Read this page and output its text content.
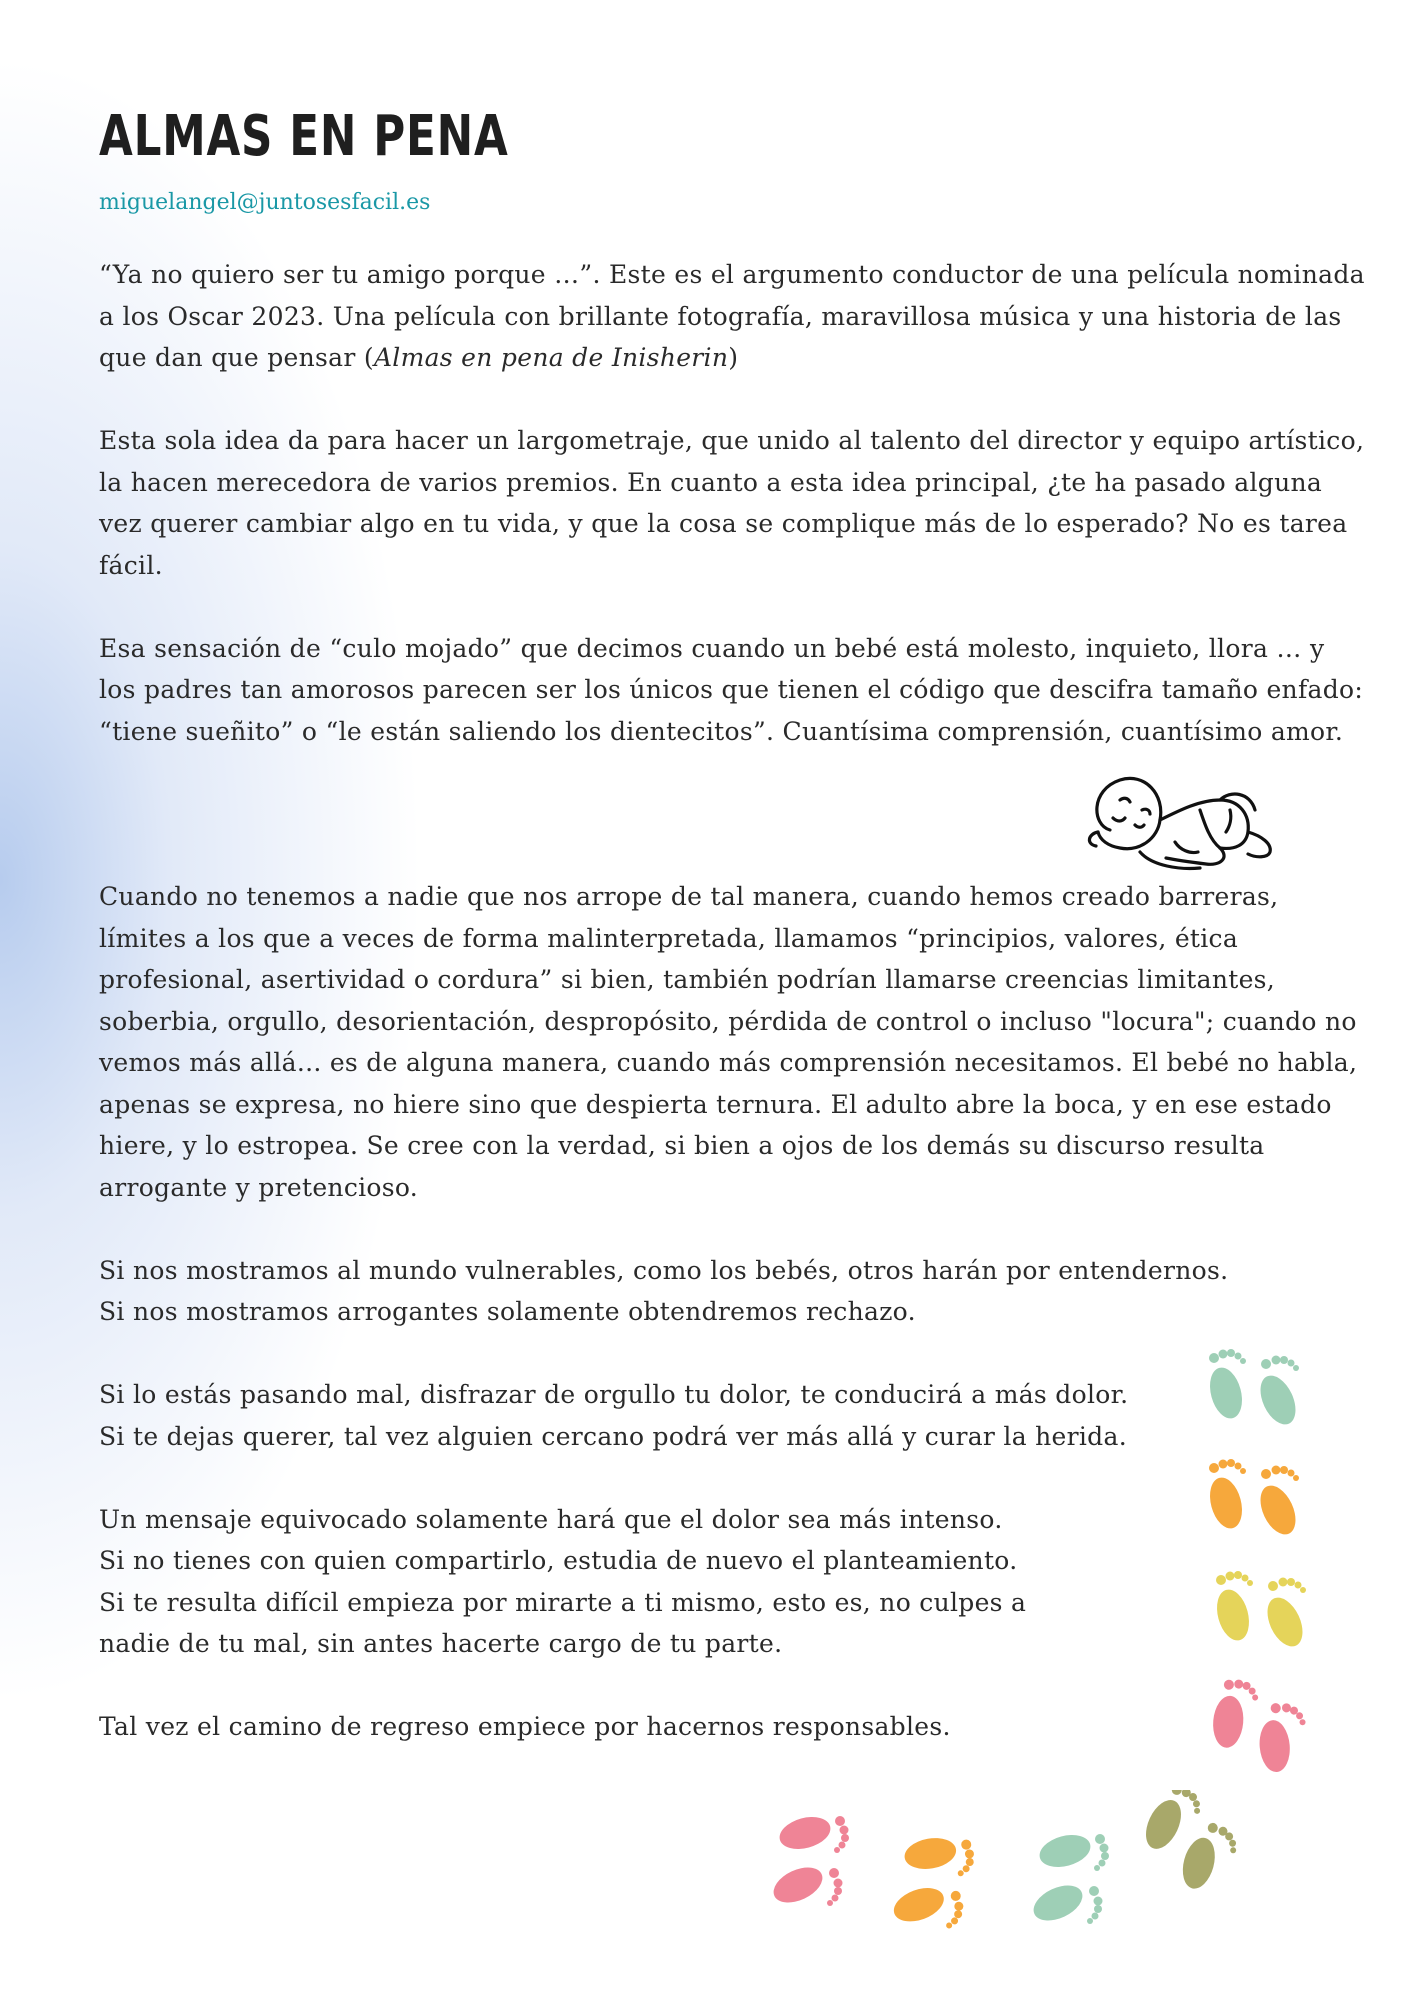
ALMAS EN PENA
miguelangel@juntosesfacil.es

“Ya no quiero ser tu amigo porque …”. Este es el argumento conductor de una película nominada a los Oscar 2023. Una película con brillante fotografía, maravillosa música y una historia de las que dan que pensar (Almas en pena de Inisherin)

Esta sola idea da para hacer un largometraje, que unido al talento del director y equipo artístico, la hacen merecedora de varios premios. En cuanto a esta idea principal, ¿te ha pasado alguna vez querer cambiar algo en tu vida, y que la cosa se complique más de lo esperado? No es tarea fácil.

Esa sensación de “culo mojado” que decimos cuando un bebé está molesto, inquieto, llora … y los padres tan amorosos parecen ser los únicos que tienen el código que descifra tamaño enfado: “tiene sueñito” o “le están saliendo los dientecitos”. Cuantísima comprensión, cuantísimo amor.

Cuando no tenemos a nadie que nos arrope de tal manera, cuando hemos creado barreras, límites a los que a veces de forma malinterpretada, llamamos “principios, valores, ética profesional, asertividad o cordura” si bien, también podrían llamarse creencias limitantes, soberbia, orgullo, desorientación, despropósito, pérdida de control o incluso "locura"; cuando no vemos más allá... es de alguna manera, cuando más comprensión necesitamos. El bebé no habla, apenas se expresa, no hiere sino que despierta ternura. El adulto abre la boca, y en ese estado hiere, y lo estropea. Se cree con la verdad, si bien a ojos de los demás su discurso resulta arrogante y pretencioso.

Si nos mostramos al mundo vulnerables, como los bebés, otros harán por entendernos.
Si nos mostramos arrogantes solamente obtendremos rechazo.

Si lo estás pasando mal, disfrazar de orgullo tu dolor, te conducirá a más dolor.
Si te dejas querer, tal vez alguien cercano podrá ver más allá y curar la herida.

Un mensaje equivocado solamente hará que el dolor sea más intenso.
Si no tienes con quien compartirlo, estudia de nuevo el planteamiento.
Si te resulta difícil empieza por mirarte a ti mismo, esto es, no culpes a
nadie de tu mal, sin antes hacerte cargo de tu parte.

Tal vez el camino de regreso empiece por hacernos responsables.
